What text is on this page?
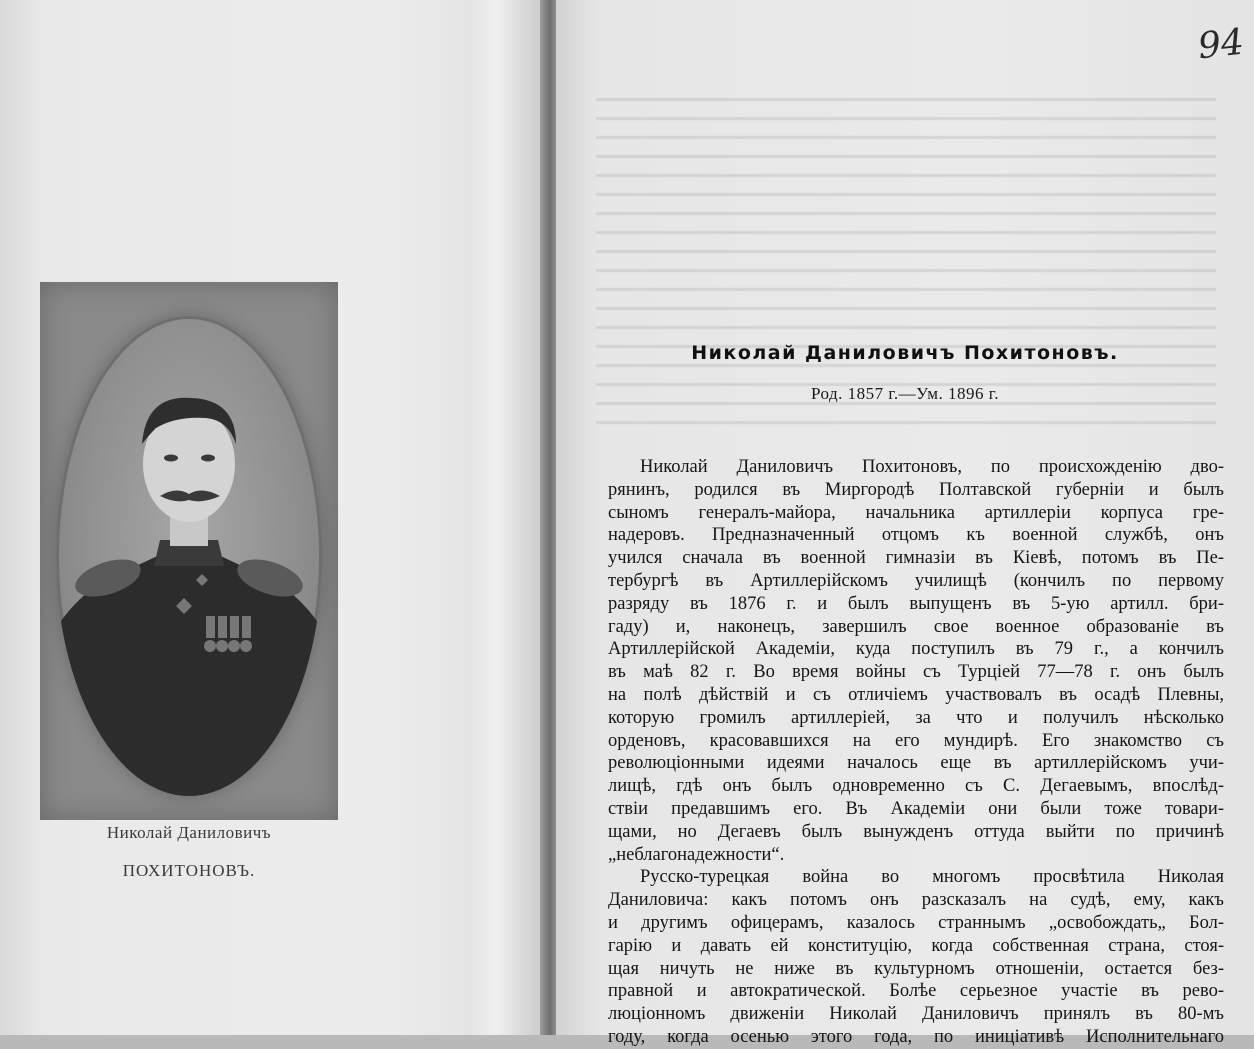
Николай Даниловичъ
ПОХИТОНОВЪ.
94
Николай Даниловичъ Похитоновъ.
Род. 1857 г.—Ум. 1896 г.
Николай Даниловичъ Похитоновъ, по происхожденію дво-
рянинъ, родился въ Миргородѣ Полтавской губерніи и былъ
сыномъ генералъ-майора, начальника артиллеріи корпуса гре-
надеровъ. Предназначенный отцомъ къ военной службѣ, онъ
учился сначала въ военной гимназіи въ Кіевѣ, потомъ въ Пе-
тербургѣ въ Артиллерійскомъ училищѣ (кончилъ по первому
разряду въ 1876 г. и былъ выпущенъ въ 5-ую артилл. бри-
гаду) и, наконецъ, завершилъ свое военное образованіе въ
Артиллерійской Академіи, куда поступилъ въ 79 г., а кончилъ
въ маѣ 82 г. Во время войны съ Турціей 77—78 г. онъ былъ
на полѣ дѣйствій и съ отличіемъ участвовалъ въ осадѣ Плевны,
которую громилъ артиллеріей, за что и получилъ нѣсколько
орденовъ, красовавшихся на его мундирѣ. Его знакомство съ
революціонными идеями началось еще въ артиллерійскомъ учи-
лищѣ, гдѣ онъ былъ одновременно съ С. Дегаевымъ, впослѣд-
ствіи предавшимъ его. Въ Академіи они были тоже товари-
щами, но Дегаевъ былъ вынужденъ оттуда выйти по причинѣ
„неблагонадежности“.
Русско-турецкая война во многомъ просвѣтила Николая
Даниловича: какъ потомъ онъ разсказалъ на судѣ, ему, какъ
и другимъ офицерамъ, казалось страннымъ „освобождать„ Бол-
гарію и давать ей конституцію, когда собственная страна, стоя-
щая ничуть не ниже въ культурномъ отношеніи, остается без-
правной и автократической. Болѣе серьезное участіе въ рево-
люціонномъ движеніи Николай Даниловичъ принялъ въ 80-мъ
году, когда осенью этого года, по иниціативѣ Исполнительнаго
